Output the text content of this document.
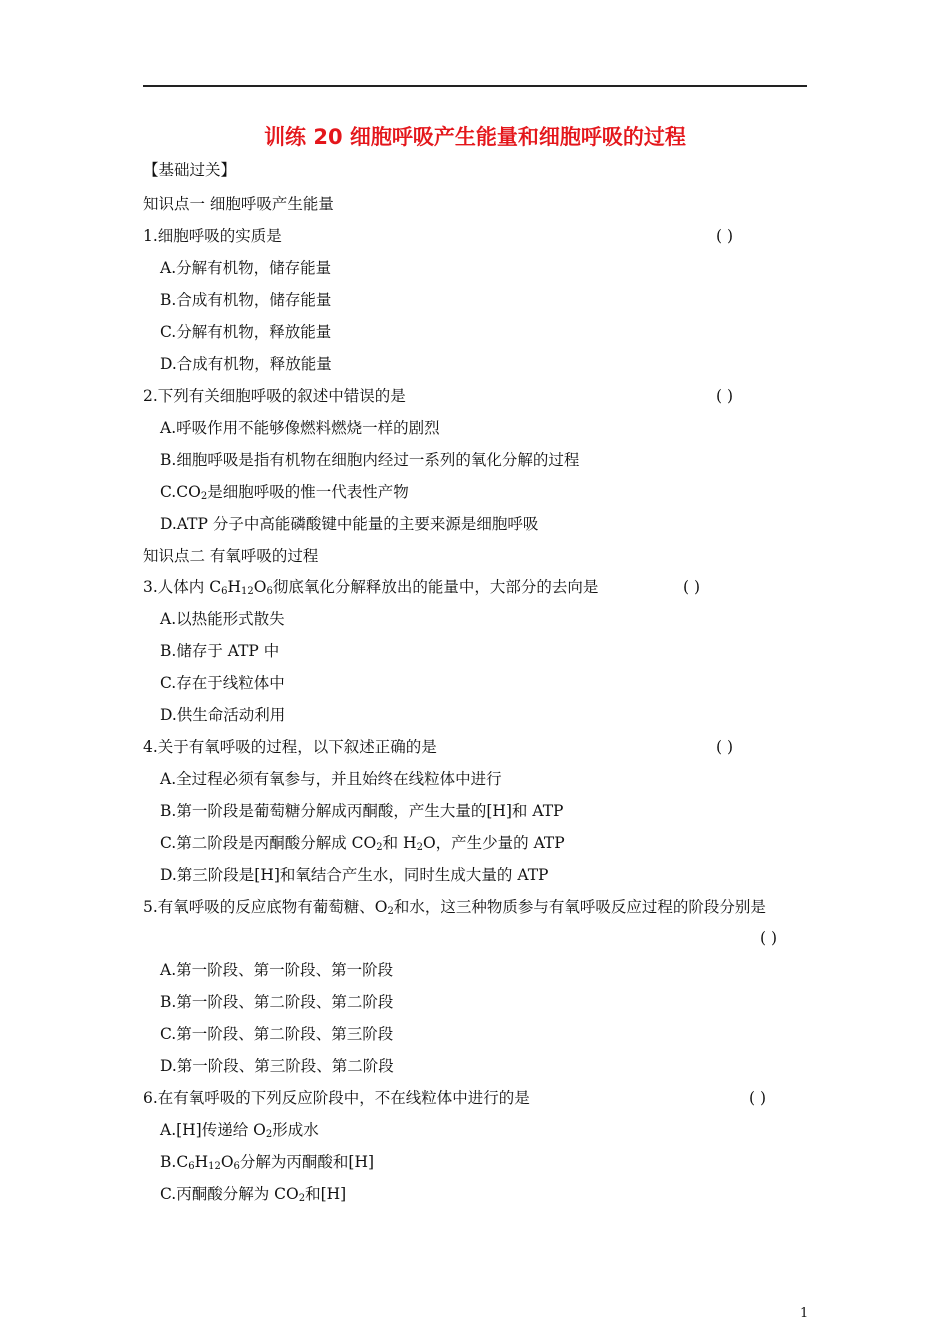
训练 20 细胞呼吸产生能量和细胞呼吸的过程
【基础过关】
知识点一 细胞呼吸产生能量
1.细胞呼吸的实质是	( )
A.分解有机物，储存能量
B.合成有机物，储存能量
C.分解有机物，释放能量
D.合成有机物，释放能量
2.下列有关细胞呼吸的叙述中错误的是	( )
A.呼吸作用不能够像燃料燃烧一样的剧烈
B.细胞呼吸是指有机物在细胞内经过一系列的氧化分解的过程
$C.CO_2$是细胞呼吸的惟一代表性产物
D.ATP 分子中高能磷酸键中能量的主要来源是细胞呼吸
知识点二 有氧呼吸的过程
3.人体内 $C_6H_{12}O_6$彻底氧化分解释放出的能量中，大部分的去向是	( )
A.以热能形式散失
B.储存于 ATP 中
C.存在于线粒体中
D.供生命活动利用
4.关于有氧呼吸的过程，以下叙述正确的是	( )
A.全过程必须有氧参与，并且始终在线粒体中进行
B.第一阶段是葡萄糖分解成丙酮酸，产生大量的[H]和 ATP
C.第二阶段是丙酮酸分解成 $CO_2$和 $H_2O$，产生少量的 ATP
D.第三阶段是[H]和氧结合产生水，同时生成大量的 ATP
5.有氧呼吸的反应底物有葡萄糖、$O_2$和水，这三种物质参与有氧呼吸反应过程的阶段分别是
( )
A.第一阶段、第一阶段、第一阶段
B.第一阶段、第二阶段、第二阶段
C.第一阶段、第二阶段、第三阶段
D.第一阶段、第三阶段、第二阶段
6.在有氧呼吸的下列反应阶段中，不在线粒体中进行的是	( )
A.[H]传递给 $O_2$形成水
$B.C_6H_{12}O_6$分解为丙酮酸和[H]
C.丙酮酸分解为 $CO_2$和[H]
1
